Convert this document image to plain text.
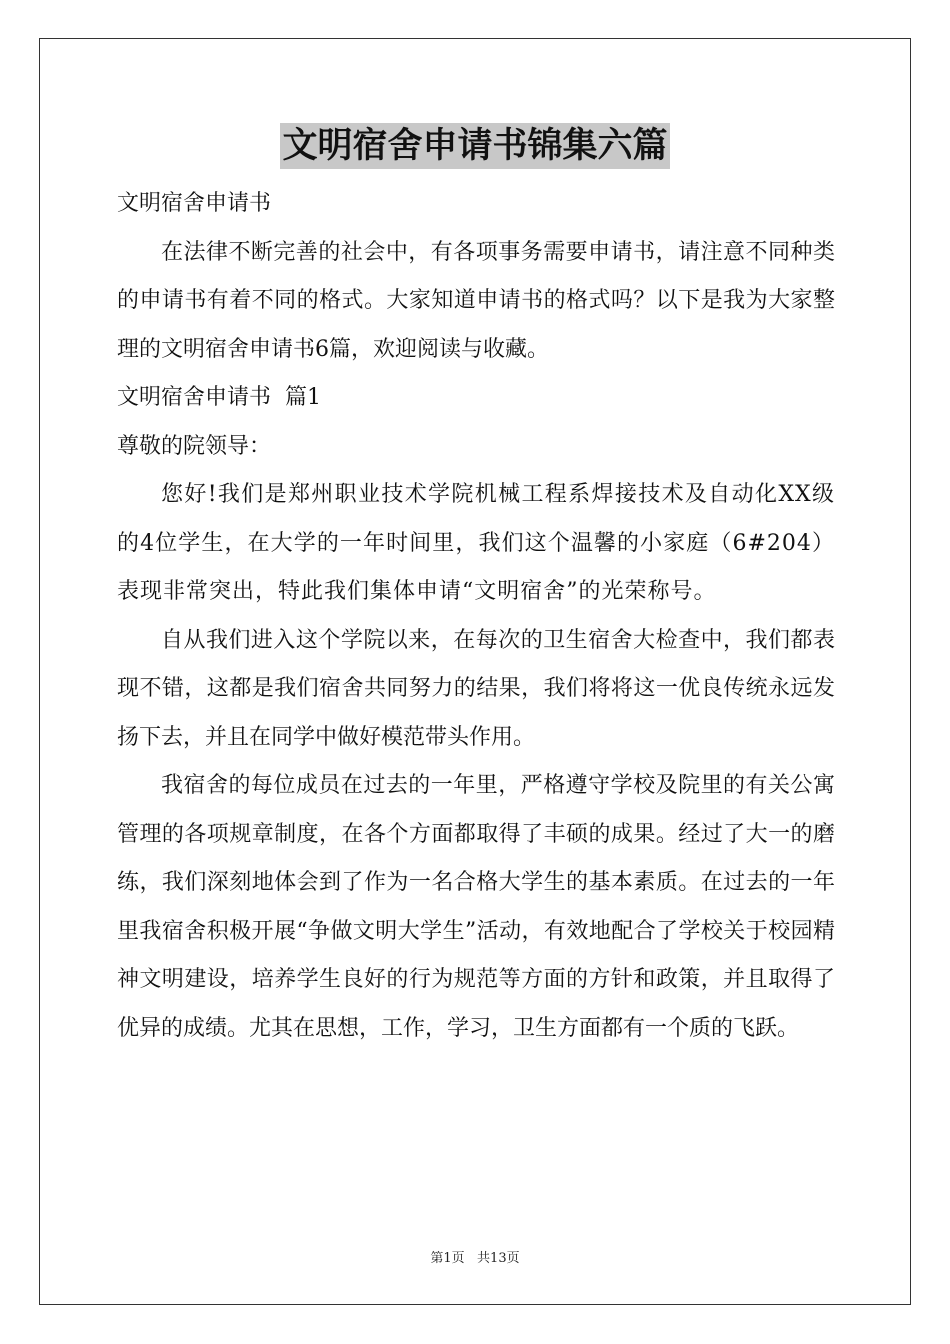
文明宿舍申请书锦集六篇
文明宿舍申请书
在法律不断完善的社会中，有各项事务需要申请书，请注意不同种类的申请书有着不同的格式。大家知道申请书的格式吗？以下是我为大家整理的文明宿舍申请书6篇，欢迎阅读与收藏。
文明宿舍申请书  篇1
尊敬的院领导：
您好!我们是郑州职业技术学院机械工程系焊接技术及自动化XX级的4位学生，在大学的一年时间里，我们这个温馨的小家庭（6#204）表现非常突出，特此我们集体申请“文明宿舍”的光荣称号。
自从我们进入这个学院以来，在每次的卫生宿舍大检查中，我们都表现不错，这都是我们宿舍共同努力的结果，我们将将这一优良传统永远发扬下去，并且在同学中做好模范带头作用。
我宿舍的每位成员在过去的一年里，严格遵守学校及院里的有关公寓管理的各项规章制度，在各个方面都取得了丰硕的成果。经过了大一的磨练，我们深刻地体会到了作为一名合格大学生的基本素质。在过去的一年里我宿舍积极开展“争做文明大学生”活动，有效地配合了学校关于校园精神文明建设，培养学生良好的行为规范等方面的方针和政策，并且取得了优异的成绩。尤其在思想，工作，学习，卫生方面都有一个质的飞跃。
第1页   共13页
